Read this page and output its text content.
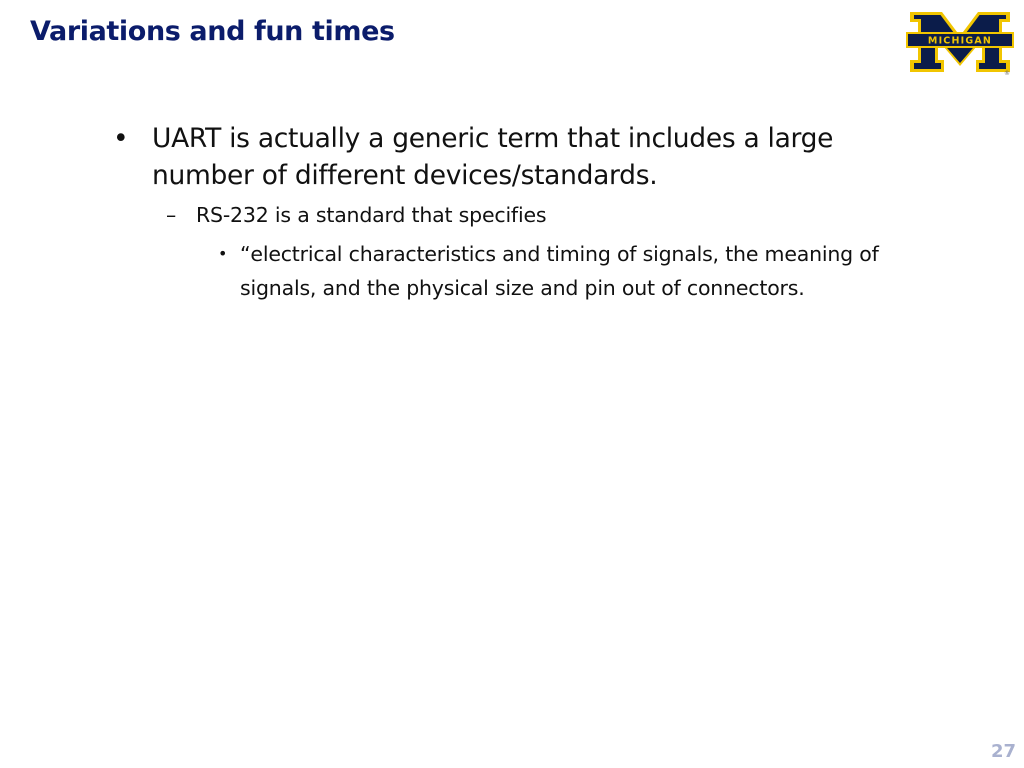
Variations and fun times	MICHIGAN
®
• UART is actually a generic term that includes a large number of different devices/standards.
– RS-232 is a standard that specifies
• “electrical characteristics and timing of signals, the meaning of signals, and the physical size and pin out of connectors.
27
